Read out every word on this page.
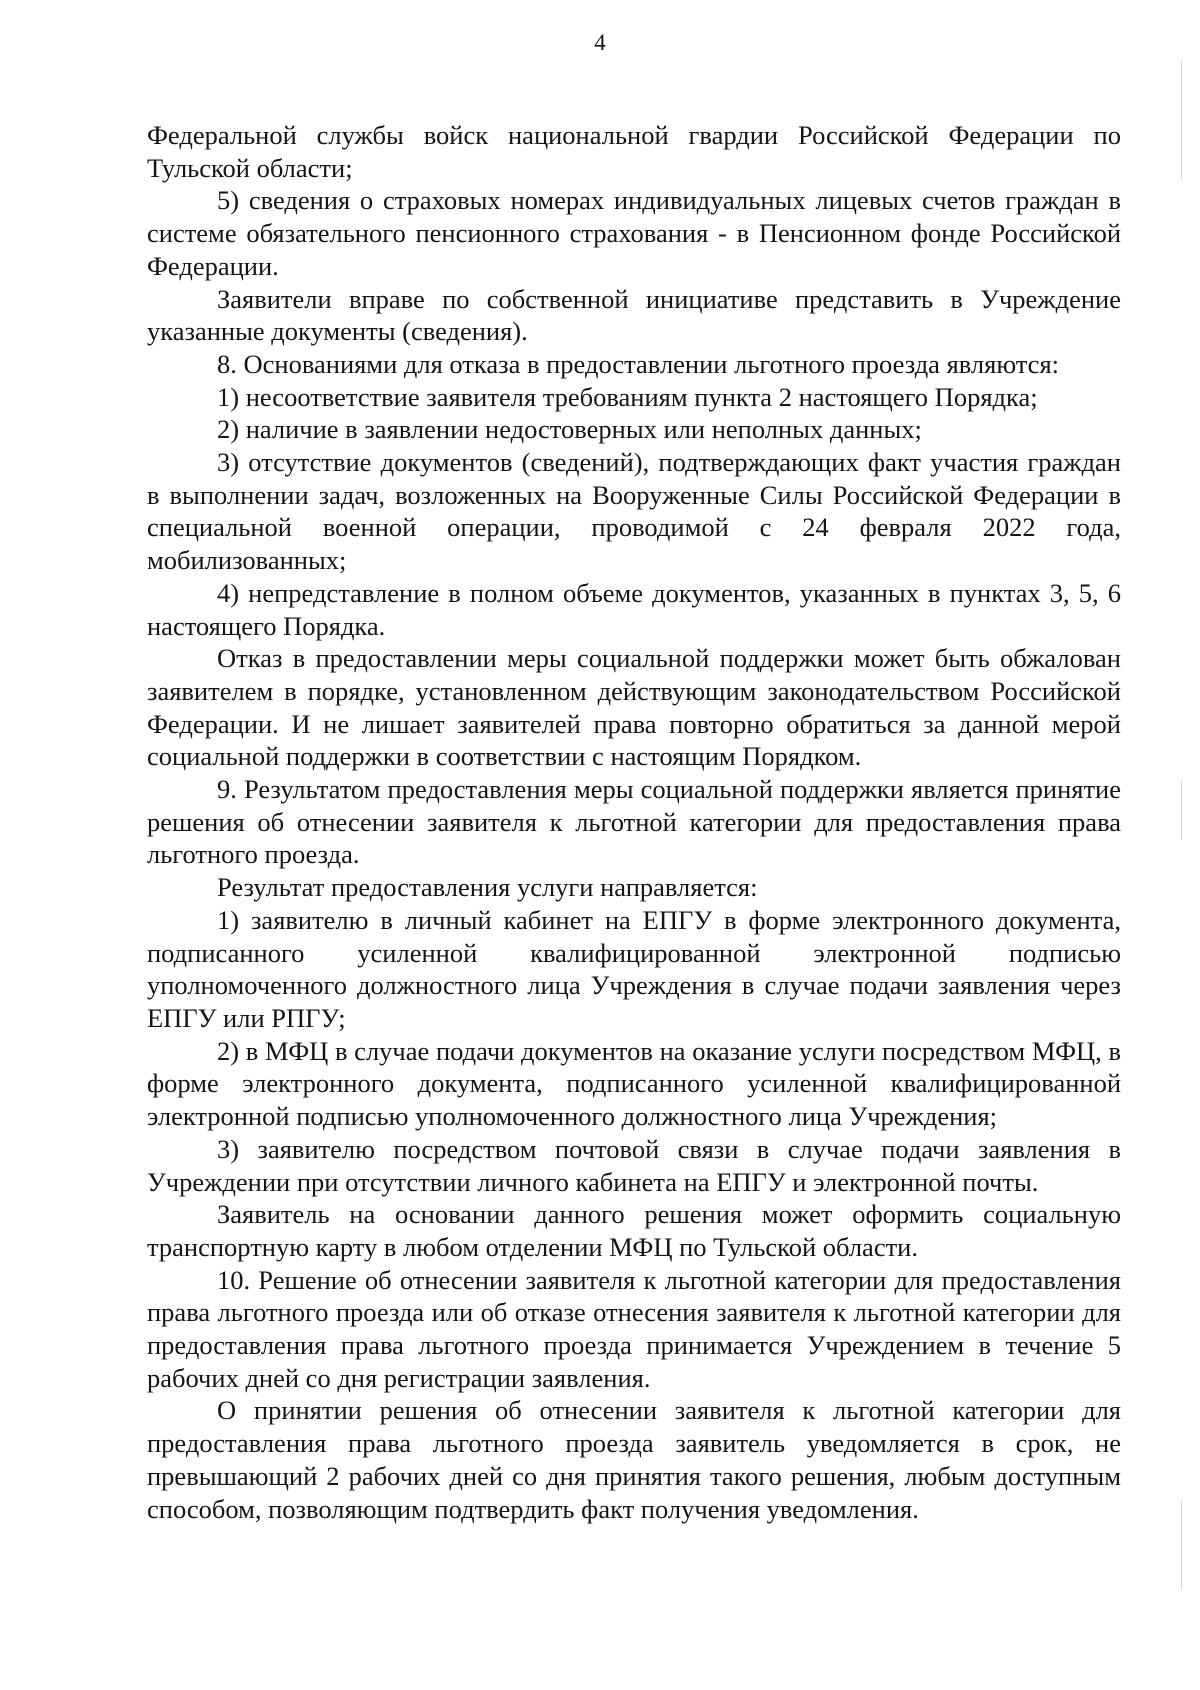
4

Федеральной службы войск национальной гвардии Российской Федерации по Тульской области;

5) сведения о страховых номерах индивидуальных лицевых счетов граждан в системе обязательного пенсионного страхования - в Пенсионном фонде Российской Федерации.

Заявители вправе по собственной инициативе представить в Учреждение указанные документы (сведения).

8. Основаниями для отказа в предоставлении льготного проезда являются:

1) несоответствие заявителя требованиям пункта 2 настоящего Порядка;

2) наличие в заявлении недостоверных или неполных данных;

3) отсутствие документов (сведений), подтверждающих факт участия граждан в выполнении задач, возложенных на Вооруженные Силы Российской Федерации в специальной военной операции, проводимой с 24 февраля 2022 года, мобилизованных;

4) непредставление в полном объеме документов, указанных в пунктах 3, 5, 6 настоящего Порядка.

Отказ в предоставлении меры социальной поддержки может быть обжалован заявителем в порядке, установленном действующим законодательством Российской Федерации. И не лишает заявителей права повторно обратиться за данной мерой социальной поддержки в соответствии с настоящим Порядком.

9. Результатом предоставления меры социальной поддержки является принятие решения об отнесении заявителя к льготной категории для предоставления права льготного проезда.

Результат предоставления услуги направляется:

1) заявителю в личный кабинет на ЕПГУ в форме электронного документа, подписанного усиленной квалифицированной электронной подписью уполномоченного должностного лица Учреждения в случае подачи заявления через ЕПГУ или РПГУ;

2) в МФЦ в случае подачи документов на оказание услуги посредством МФЦ, в форме электронного документа, подписанного усиленной квалифицированной электронной подписью уполномоченного должностного лица Учреждения;

3) заявителю посредством почтовой связи в случае подачи заявления в Учреждении при отсутствии личного кабинета на ЕПГУ и электронной почты.

Заявитель на основании данного решения может оформить социальную транспортную карту в любом отделении МФЦ по Тульской области.

10. Решение об отнесении заявителя к льготной категории для предоставления права льготного проезда или об отказе отнесения заявителя к льготной категории для предоставления права льготного проезда принимается Учреждением в течение 5 рабочих дней со дня регистрации заявления.

О принятии решения об отнесении заявителя к льготной категории для предоставления права льготного проезда заявитель уведомляется в срок, не превышающий 2 рабочих дней со дня принятия такого решения, любым доступным способом, позволяющим подтвердить факт получения уведомления.
